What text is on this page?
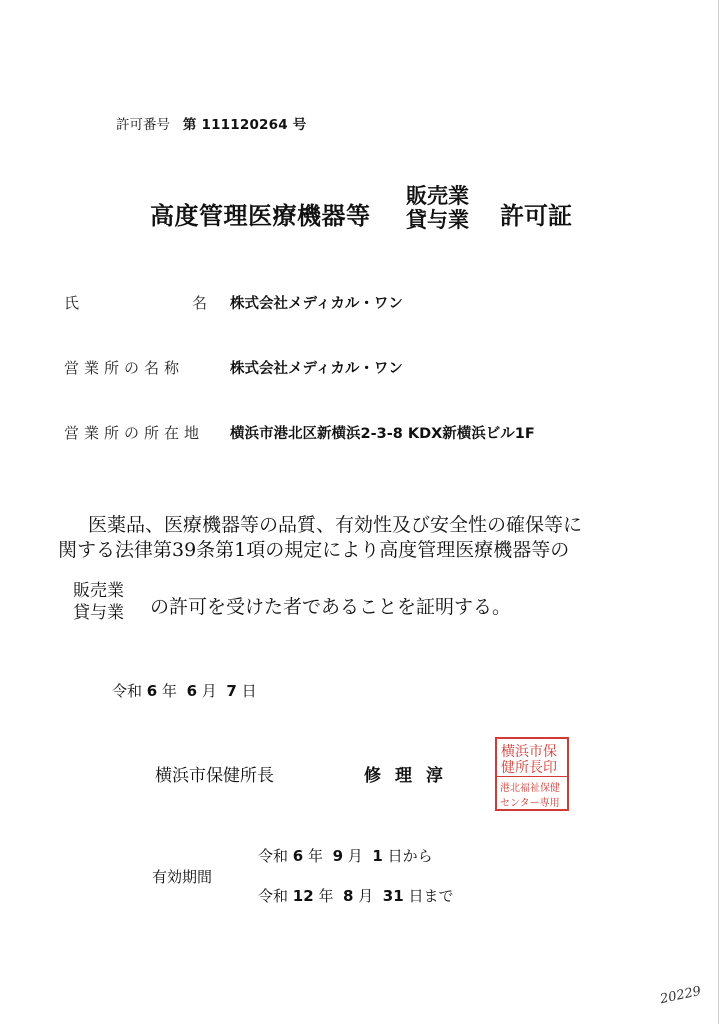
許可番号 第 111120264 号
高度管理医療機器等
販売業
貸与業 許可証
氏	名 株式会社メディカル・ワン
営業所の名称	株式会社メディカル・ワン
営業所の所在地 横浜市港北区新横浜2-3-8 KDX新横浜ビル1F
医薬品、医療機器等の品質、有効性及び安全性の確保等に
関する法律第39条第1項の規定により高度管理医療機器等の
販売業
貸与業 の許可を受けた者であることを証明する。
令和 6 年 6 月 7 日
横浜市保健所長	修理淳
横浜市保
健所長印
港北福祉保健
センター専用
有効期間
令和 6 年 9 月 1 日から
令和 12 年 8 月 31 日まで
20229
